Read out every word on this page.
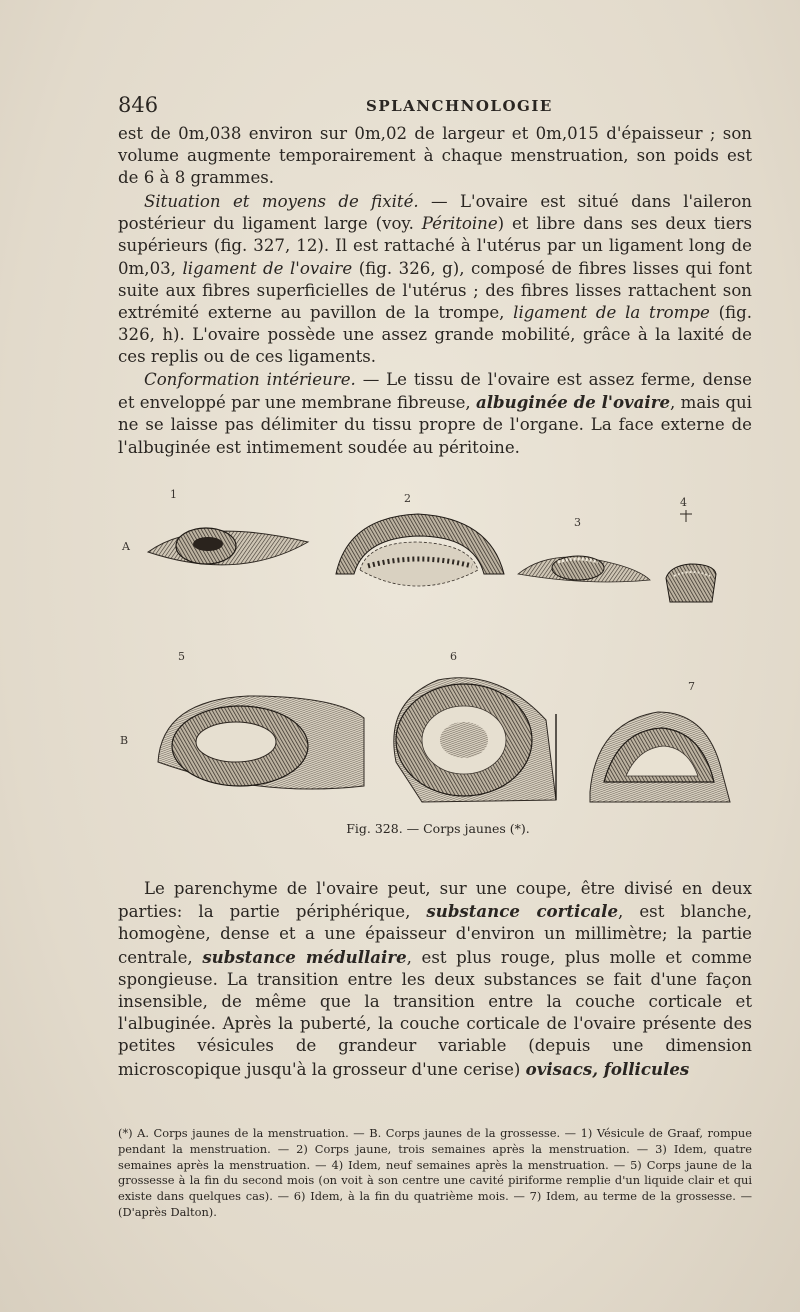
846	SPLANCHNOLOGIE

est de 0m,038 environ sur 0m,02 de largeur et 0m,015 d'épaisseur ; son volume augmente temporairement à chaque menstruation, son poids est de 6 à 8 grammes.

Situation et moyens de fixité. — L'ovaire est situé dans l'aileron postérieur du ligament large (voy. Péritoine) et libre dans ses deux tiers supérieurs (fig. 327, 12). Il est rattaché à l'utérus par un ligament long de 0m,03, ligament de l'ovaire (fig. 326, g), composé de fibres lisses qui font suite aux fibres superficielles de l'utérus ; des fibres lisses rattachent son extrémité externe au pavillon de la trompe, ligament de la trompe (fig. 326, h). L'ovaire possède une assez grande mobilité, grâce à la laxité de ces replis ou de ces ligaments.

Conformation intérieure. — Le tissu de l'ovaire est assez ferme, dense et enveloppé par une membrane fibreuse, albuginée de l'ovaire, mais qui ne se laisse pas délimiter du tissu propre de l'organe. La face externe de l'albuginée est intimement soudée au péritoine.

1	2
3
4
A
5	6
7
B
Fig. 328. — Corps jaunes (*).

Le parenchyme de l'ovaire peut, sur une coupe, être divisé en deux parties: la partie périphérique, substance corticale, est blanche, homogène, dense et a une épaisseur d'environ un millimètre; la partie centrale, substance médullaire, est plus rouge, plus molle et comme spongieuse. La transition entre les deux substances se fait d'une façon insensible, de même que la transition entre la couche corticale et l'albuginée. Après la puberté, la couche corticale de l'ovaire présente des petites vésicules de grandeur variable (depuis une dimension microscopique jusqu'à la grosseur d'une cerise) ovisacs, follicules

(*) A. Corps jaunes de la menstruation. — B. Corps jaunes de la grossesse. — 1) Vésicule de Graaf, rompue pendant la menstruation. — 2) Corps jaune, trois semaines après la menstruation. — 3) Idem, quatre semaines après la menstruation. — 4) Idem, neuf semaines après la menstruation. — 5) Corps jaune de la grossesse à la fin du second mois (on voit à son centre une cavité piriforme remplie d'un liquide clair et qui existe dans quelques cas). — 6) Idem, à la fin du quatrième mois. — 7) Idem, au terme de la grossesse. — (D'après Dalton).
